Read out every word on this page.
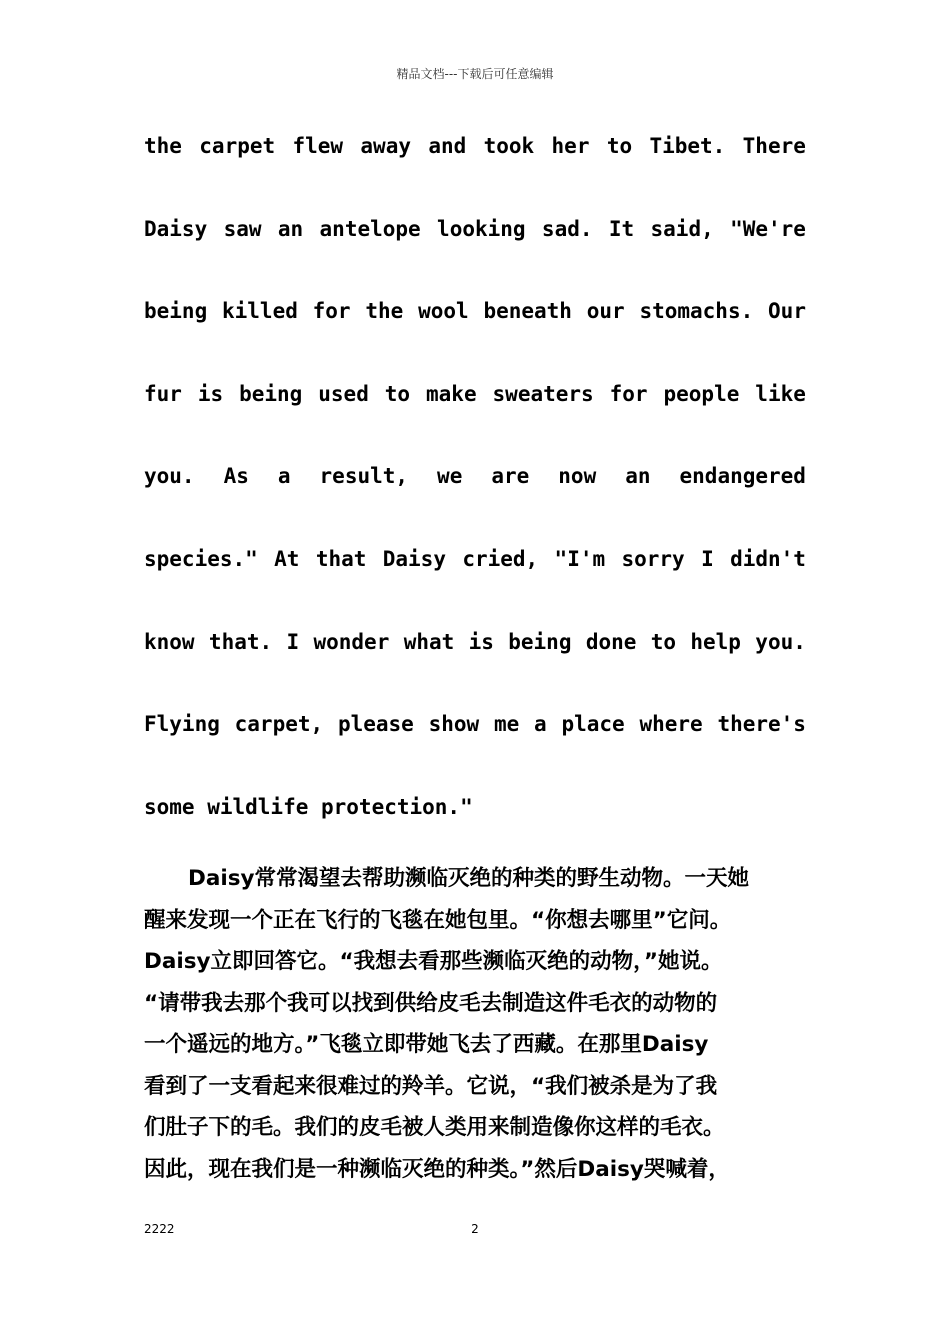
精品文档---下载后可任意编辑
the carpet flew away and took her to Tibet. There
Daisy saw an antelope looking sad. It said, "We're
being killed for the wool beneath our stomachs. Our
fur is being used to make sweaters for people like
you. As a result, we are now an endangered
species." At that Daisy cried, "I'm sorry I didn't
know that. I wonder what is being done to help you.
Flying carpet, please show me a place where there's
some wildlife protection."
Daisy常常渴望去帮助濒临灭绝的种类的野生动物。一天她
醒来发现一个正在飞行的飞毯在她包里。“你想去哪里”它问。
Daisy立即回答它。“我想去看那些濒临灭绝的动物，”她说。
“请带我去那个我可以找到供给皮毛去制造这件毛衣的动物的
一个遥远的地方。”飞毯立即带她飞去了西藏。在那里Daisy
看到了一支看起来很难过的羚羊。它说，“我们被杀是为了我
们肚子下的毛。我们的皮毛被人类用来制造像你这样的毛衣。
因此，现在我们是一种濒临灭绝的种类。”然后Daisy哭喊着，
2222	2
